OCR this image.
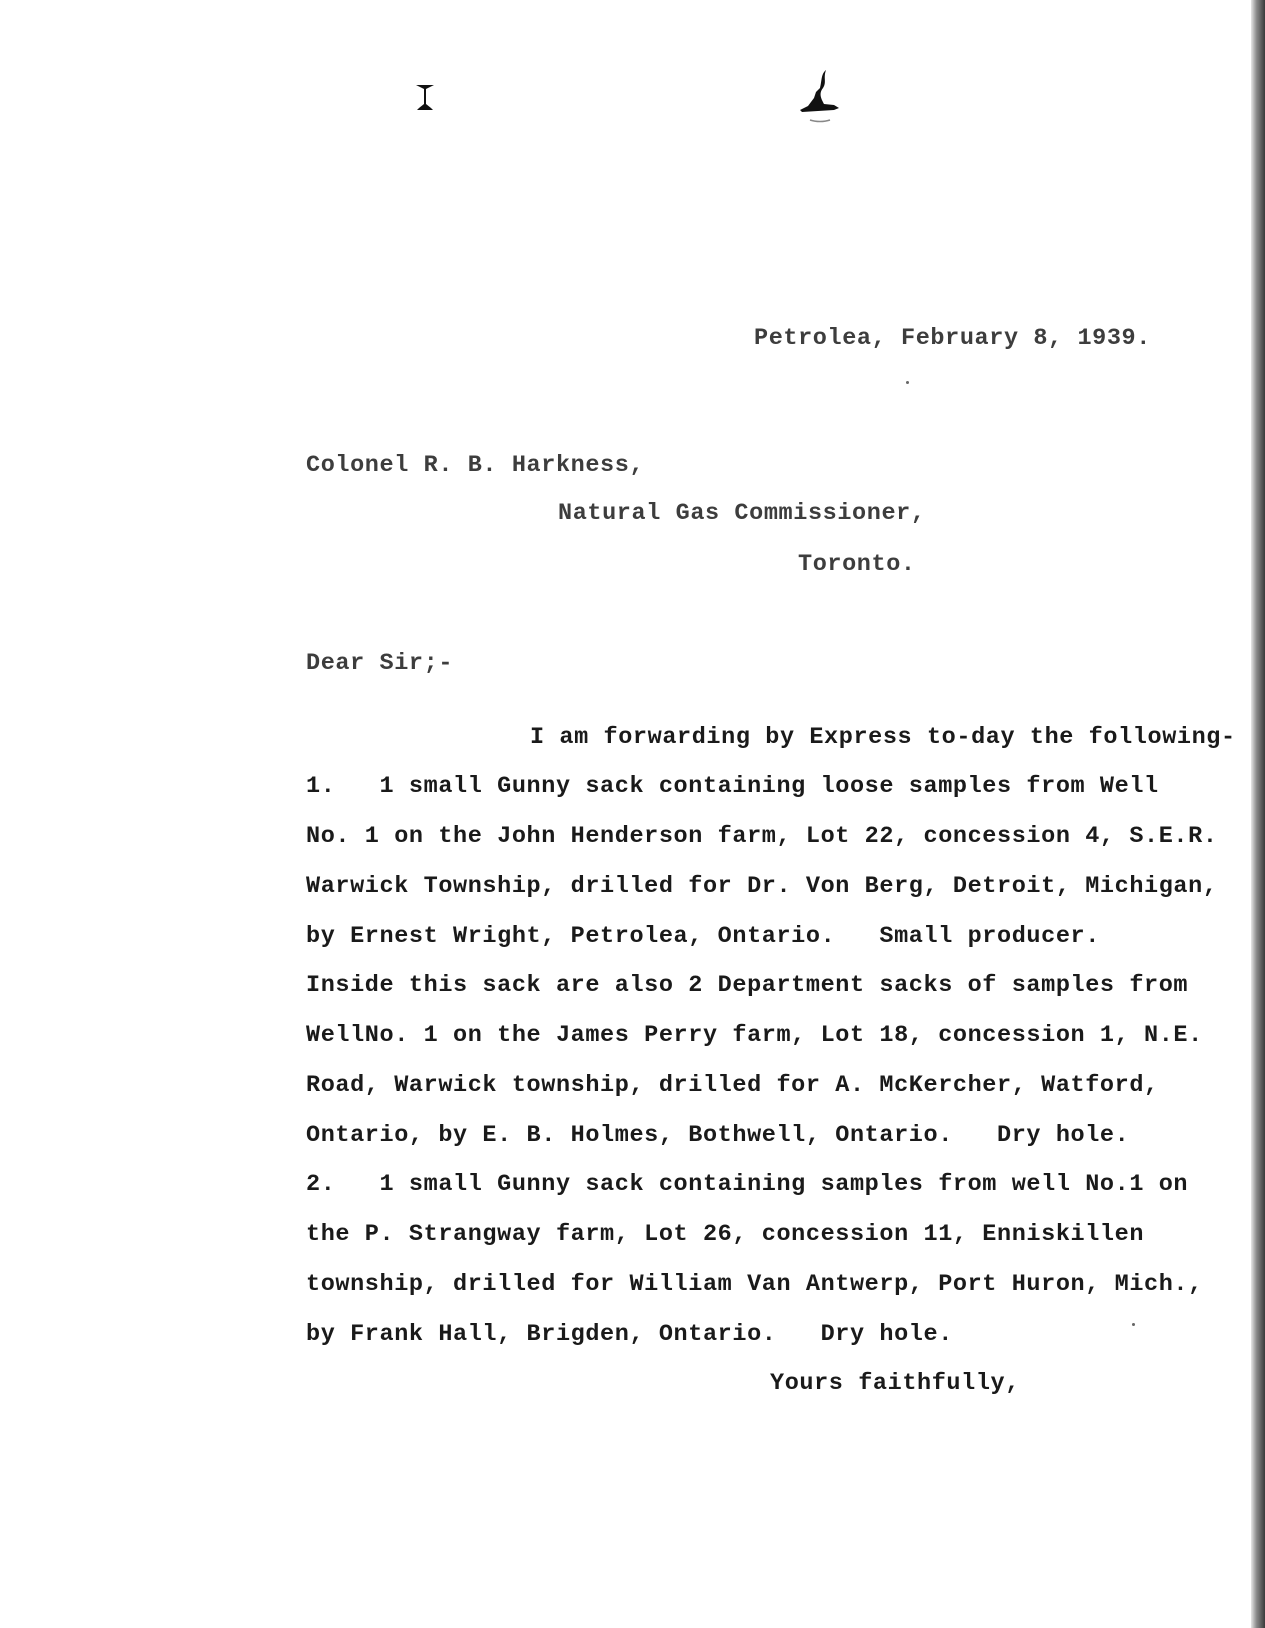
Petrolea, February 8, 1939.
Colonel R. B. Harkness,
Natural Gas Commissioner,
Toronto.
Dear Sir;-
I am forwarding by Express to-day the following-
1.   1 small Gunny sack containing loose samples from Well
No. 1 on the John Henderson farm, Lot 22, concession 4, S.E.R.
Warwick Township, drilled for Dr. Von Berg, Detroit, Michigan,
by Ernest Wright, Petrolea, Ontario.   Small producer.
Inside this sack are also 2 Department sacks of samples from
WellNo. 1 on the James Perry farm, Lot 18, concession 1, N.E.
Road, Warwick township, drilled for A. McKercher, Watford,
Ontario, by E. B. Holmes, Bothwell, Ontario.   Dry hole.
2.   1 small Gunny sack containing samples from well No.1 on
the P. Strangway farm, Lot 26, concession 11, Enniskillen
township, drilled for William Van Antwerp, Port Huron, Mich.,
by Frank Hall, Brigden, Ontario.   Dry hole.
Yours faithfully,
